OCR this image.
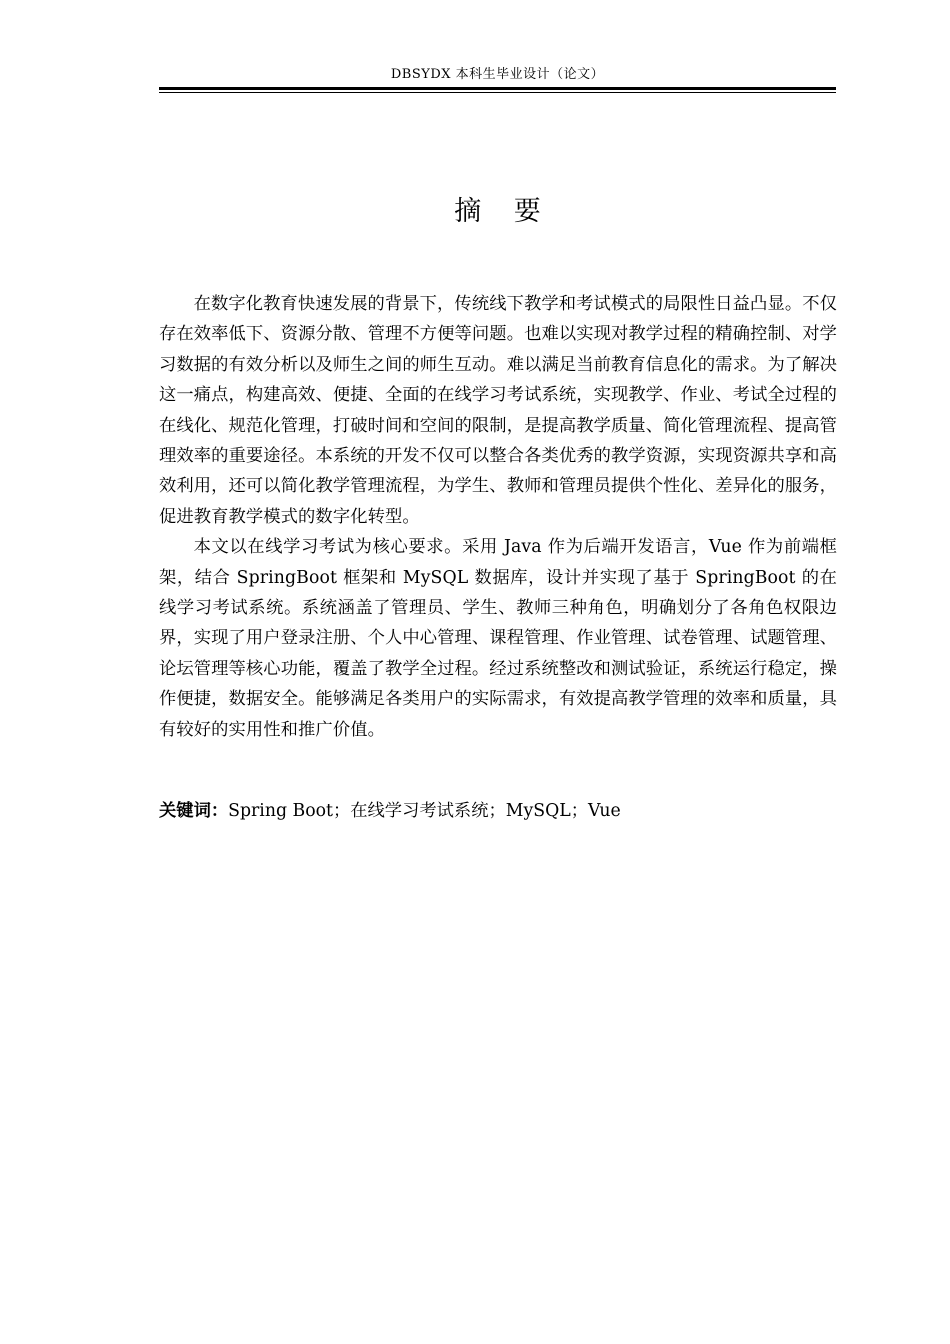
DBSYDX 本科生毕业设计（论文）
摘 要

在数字化教育快速发展的背景下，传统线下教学和考试模式的局限性日益凸显。不仅存在效率低下、资源分散、管理不方便等问题。也难以实现对教学过程的精确控制、对学习数据的有效分析以及师生之间的师生互动。难以满足当前教育信息化的需求。为了解决这一痛点，构建高效、便捷、全面的在线学习考试系统，实现教学、作业、考试全过程的在线化、规范化管理，打破时间和空间的限制，是提高教学质量、简化管理流程、提高管理效率的重要途径。本系统的开发不仅可以整合各类优秀的教学资源，实现资源共享和高效利用，还可以简化教学管理流程，为学生、教师和管理员提供个性化、差异化的服务，促进教育教学模式的数字化转型。

本文以在线学习考试为核心要求。采用 Java 作为后端开发语言，Vue 作为前端框架，结合 SpringBoot 框架和 MySQL 数据库，设计并实现了基于 SpringBoot 的在线学习考试系统。系统涵盖了管理员、学生、教师三种角色，明确划分了各角色权限边界，实现了用户登录注册、个人中心管理、课程管理、作业管理、试卷管理、试题管理、论坛管理等核心功能，覆盖了教学全过程。经过系统整改和测试验证，系统运行稳定，操作便捷，数据安全。能够满足各类用户的实际需求，有效提高教学管理的效率和质量，具有较好的实用性和推广价值。

关键词：Spring Boot；在线学习考试系统；MySQL；Vue
